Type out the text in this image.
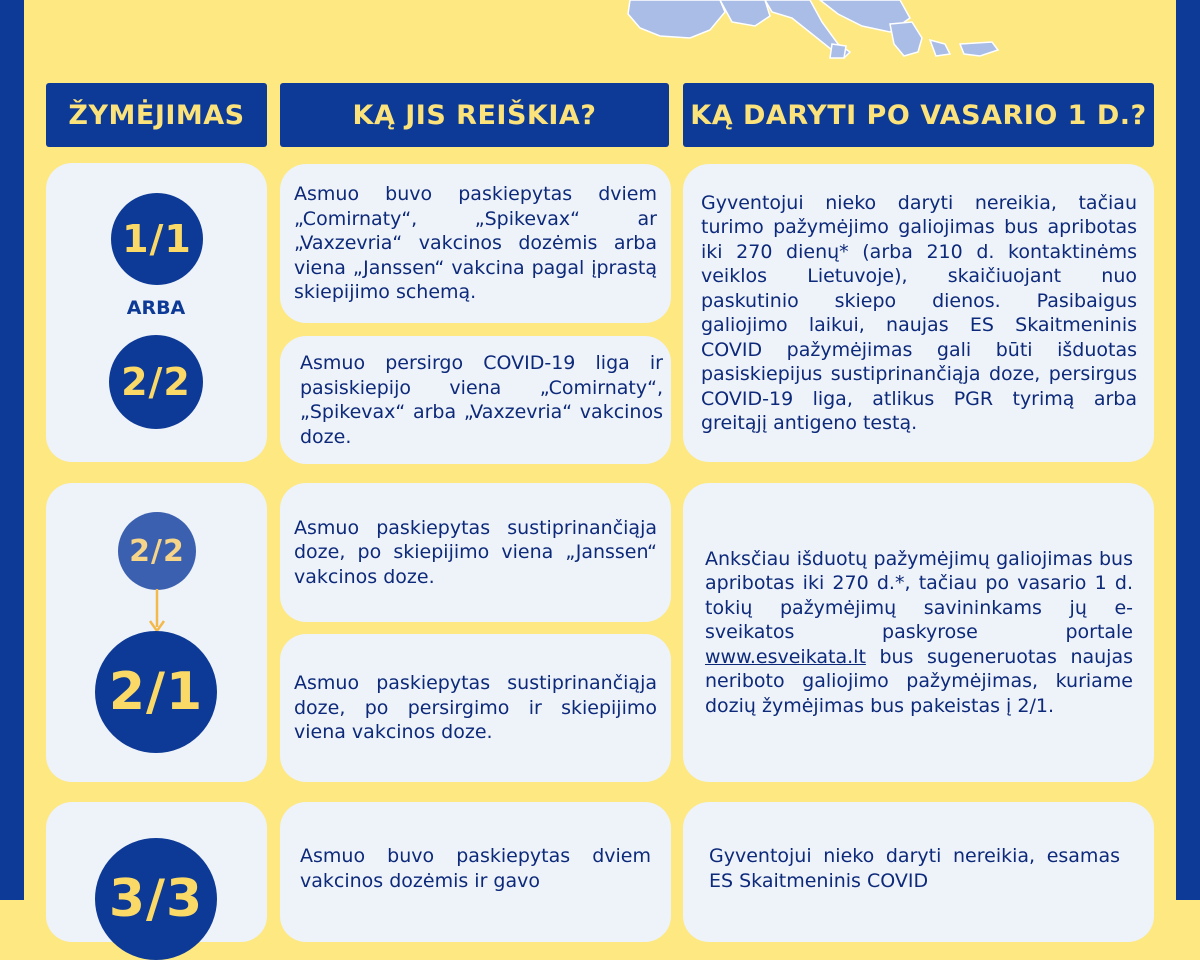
ŽYMĖJIMAS	KĄ JIS REIŠKIA?	KĄ DARYTI PO VASARIO 1 D.?
1/1
ARBA
2/2

Asmuo buvo paskiepytas dviem „Comirnaty“, „Spikevax“ ar „Vaxzevria“ vakcinos dozėmis arba viena „Janssen“ vakcina pagal įprastą skiepijimo schemą.

Asmuo persirgo COVID-19 liga ir pasiskiepijo viena „Comirnaty“, „Spikevax“ arba „Vaxzevria“ vakcinos doze.

Gyventojui nieko daryti nereikia, tačiau turimo pažymėjimo galiojimas bus apribotas iki 270 dienų* (arba 210 d. kontaktinėms veiklos Lietuvoje), skaičiuojant nuo paskutinio skiepo dienos. Pasibaigus galiojimo laikui, naujas ES Skaitmeninis COVID pažymėjimas gali būti išduotas pasiskiepijus sustiprinančiąja doze, persirgus COVID-19 liga, atlikus PGR tyrimą arba greitąjį antigeno testą.

2/2
2/1

Asmuo paskiepytas sustiprinančiąja doze, po skiepijimo viena „Janssen“ vakcinos doze.

Asmuo paskiepytas sustiprinančiąja doze, po persirgimo ir skiepijimo viena vakcinos doze.

Anksčiau išduotų pažymėjimų galiojimas bus apribotas iki 270 d.*, tačiau po vasario 1 d. tokių pažymėjimų savininkams jų e-sveikatos paskyrose portale www.esveikata.lt bus sugeneruotas naujas neriboto galiojimo pažymėjimas, kuriame dozių žymėjimas bus pakeistas į 2/1.

3/3

Asmuo buvo paskiepytas dviem vakcinos dozėmis ir gavo

Gyventojui nieko daryti nereikia, esamas ES Skaitmeninis COVID
